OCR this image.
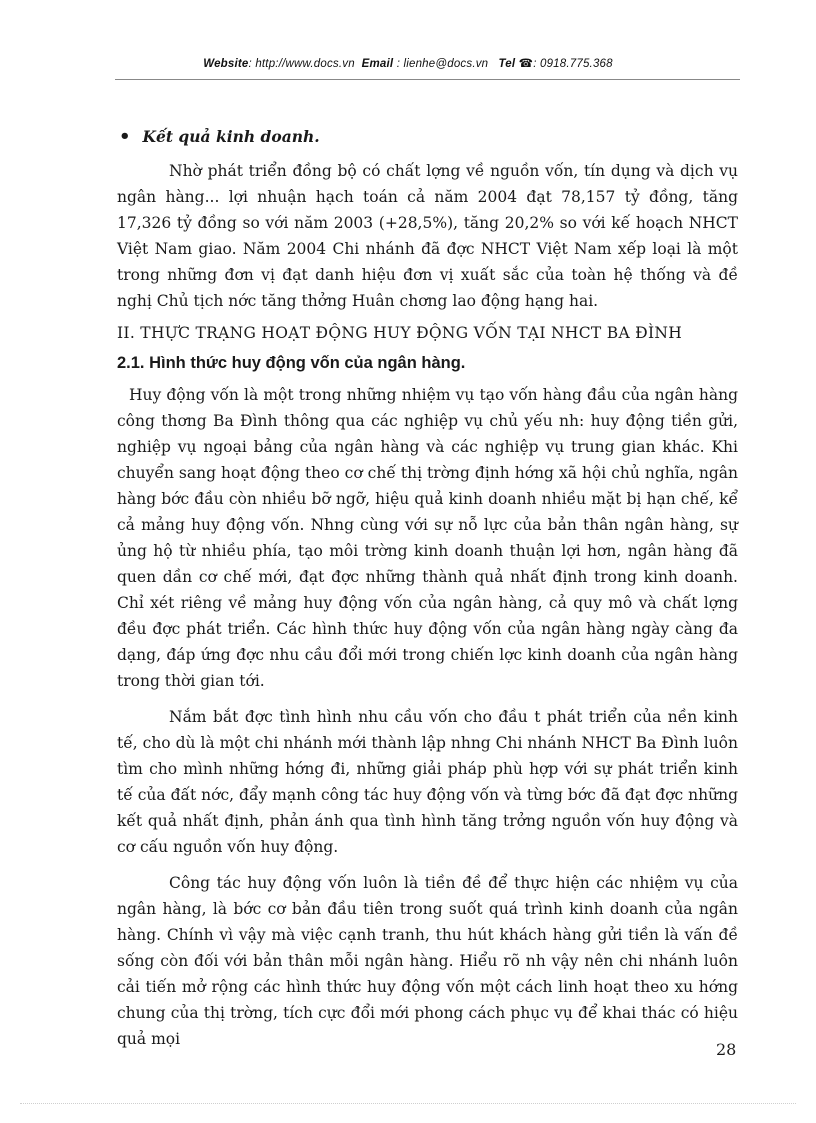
Website: http://www.docs.vn Email : lienhe@docs.vn Tel ☎: 0918.775.368
• Kết quả kinh doanh.

Nhờ phát triển đồng bộ có chất lợng về nguồn vốn, tín dụng và dịch vụ ngân hàng... lợi nhuận hạch toán cả năm 2004 đạt 78,157 tỷ đồng, tăng 17,326 tỷ đồng so với năm 2003 (+28,5%), tăng 20,2% so với kế hoạch NHCT Việt Nam giao. Năm 2004 Chi nhánh đã đợc NHCT Việt Nam xếp loại là một trong những đơn vị đạt danh hiệu đơn vị xuất sắc của toàn hệ thống và đề nghị Chủ tịch nớc tăng thởng Huân chơng lao động hạng hai.

II. THỰC TRẠNG HOẠT ĐỘNG HUY ĐỘNG VỐN TẠI NHCT BA ĐÌNH
2.1. Hình thức huy động vốn của ngân hàng.

Huy động vốn là một trong những nhiệm vụ tạo vốn hàng đầu của ngân hàng công thơng Ba Đình thông qua các nghiệp vụ chủ yếu nh: huy động tiền gửi, nghiệp vụ ngoại bảng của ngân hàng và các nghiệp vụ trung gian khác. Khi chuyển sang hoạt động theo cơ chế thị trờng định hớng xã hội chủ nghĩa, ngân hàng bớc đầu còn nhiều bỡ ngỡ, hiệu quả kinh doanh nhiều mặt bị hạn chế, kể cả mảng huy động vốn. Nhng cùng với sự nỗ lực của bản thân ngân hàng, sự ủng hộ từ nhiều phía, tạo môi trờng kinh doanh thuận lợi hơn, ngân hàng đã quen dần cơ chế mới, đạt đợc những thành quả nhất định trong kinh doanh. Chỉ xét riêng về mảng huy động vốn của ngân hàng, cả quy mô và chất lợng đều đợc phát triển. Các hình thức huy động vốn của ngân hàng ngày càng đa dạng, đáp ứng đợc nhu cầu đổi mới trong chiến lợc kinh doanh của ngân hàng trong thời gian tới.

Nắm bắt đợc tình hình nhu cầu vốn cho đầu t phát triển của nền kinh tế, cho dù là một chi nhánh mới thành lập nhng Chi nhánh NHCT Ba Đình luôn tìm cho mình những hớng đi, những giải pháp phù hợp với sự phát triển kinh tế của đất nớc, đẩy mạnh công tác huy động vốn và từng bớc đã đạt đợc những kết quả nhất định, phản ánh qua tình hình tăng trởng nguồn vốn huy động và cơ cấu nguồn vốn huy động.

Công tác huy động vốn luôn là tiền đề để thực hiện các nhiệm vụ của ngân hàng, là bớc cơ bản đầu tiên trong suốt quá trình kinh doanh của ngân hàng. Chính vì vậy mà việc cạnh tranh, thu hút khách hàng gửi tiền là vấn đề sống còn đối với bản thân mỗi ngân hàng. Hiểu rõ nh vậy nên chi nhánh luôn cải tiến mở rộng các hình thức huy động vốn một cách linh hoạt theo xu hớng chung của thị trờng, tích cực đổi mới phong cách phục vụ để khai thác có hiệu quả mọi

28
